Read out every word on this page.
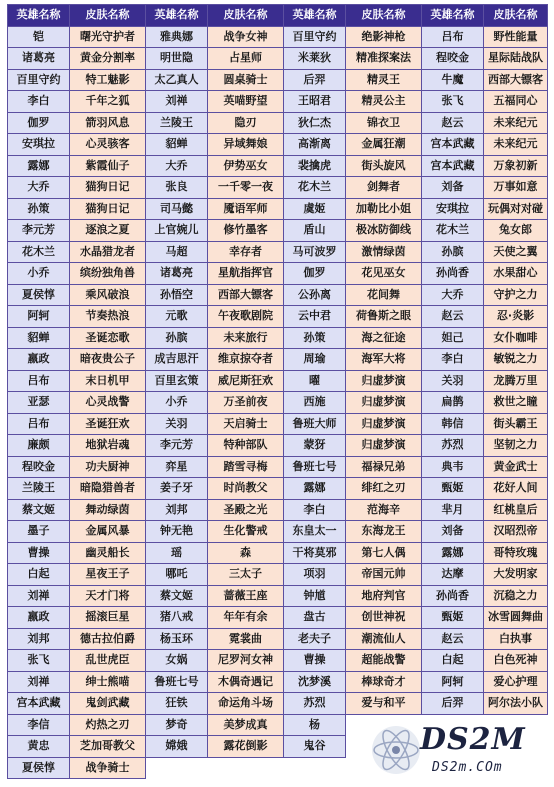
英雄名称	皮肤名称	英雄名称	皮肤名称	英雄名称	皮肤名称	英雄名称	皮肤名称
铠	曙光守护者	雅典娜	战争女神	百里守约	绝影神枪	吕布	野性能量
诸葛亮	黄金分割率	明世隐	占星师	米莱狄	精准探案法	程咬金	星际陆战队
百里守约	特工魅影	太乙真人	圆桌骑士	后羿	精灵王	牛魔	西部大镖客
李白	千年之狐	刘禅	英喵野望	王昭君	精灵公主	张飞	五福同心
伽罗	箭羽风息	兰陵王	隐刃	狄仁杰	锦衣卫	赵云	未来纪元
安琪拉	心灵骇客	貂蝉	异域舞娘	高渐离	金属狂潮	宫本武藏	未来纪元
露娜	紫霞仙子	大乔	伊势巫女	裴擒虎	街头旋风	宫本武藏	万象初新
大乔	猫狗日记	张良	一千零一夜	花木兰	剑舞者	刘备	万事如意
孙策	猫狗日记	司马懿	魇语军师	虞姬	加勒比小姐	安琪拉	玩偶对对碰
李元芳	逐浪之夏	上官婉儿	修竹墨客	盾山	极冰防御线	花木兰	兔女郎
花木兰	水晶猎龙者	马超	幸存者	马可波罗	激情绿茵	孙膑	天使之翼
小乔	缤纷独角兽	诸葛亮	星航指挥官	伽罗	花见巫女	孙尚香	水果甜心
夏侯惇	乘风破浪	孙悟空	西部大镖客	公孙离	花间舞	大乔	守护之力
阿轲	节奏热浪	元歌	午夜歌剧院	云中君	荷鲁斯之眼	赵云	忍·炎影
貂蝉	圣诞恋歌	孙膑	未来旅行	孙策	海之征途	妲己	女仆咖啡
嬴政	暗夜贵公子	成吉思汗	维京掠夺者	周瑜	海军大将	李白	敏锐之力
吕布	末日机甲	百里玄策	威尼斯狂欢	曜	归虚梦演	关羽	龙腾万里
亚瑟	心灵战警	小乔	万圣前夜	西施	归虚梦演	扁鹊	救世之瞳
吕布	圣诞狂欢	关羽	天启骑士	鲁班大师	归虚梦演	韩信	街头霸王
廉颇	地狱岩魂	李元芳	特种部队	蒙犽	归虚梦演	苏烈	坚韧之力
程咬金	功夫厨神	弈星	踏雪寻梅	鲁班七号	福禄兄弟	典韦	黄金武士
兰陵王	暗隐猎兽者	姜子牙	时尚教父	露娜	绯红之刃	甄姬	花好人间
蔡文姬	舞动绿茵	刘邦	圣殿之光	李白	范海辛	芈月	红桃皇后
墨子	金属风暴	钟无艳	生化警戒	东皇太一	东海龙王	刘备	汉昭烈帝
曹操	幽灵船长	瑶	森	干将莫邪	第七人偶	露娜	哥特玫瑰
白起	星夜王子	哪吒	三太子	项羽	帝国元帅	达摩	大发明家
刘禅	天才门将	蔡文姬	蔷薇王座	钟馗	地府判官	孙尚香	沉稳之力
嬴政	摇滚巨星	猪八戒	年年有余	盘古	创世神祝	甄姬	冰雪圆舞曲
刘邦	德古拉伯爵	杨玉环	霓裳曲	老夫子	潮流仙人	赵云	白执事
张飞	乱世虎臣	女娲	尼罗河女神	曹操	超能战警	白起	白色死神
刘禅	绅士熊喵	鲁班七号	木偶奇遇记	沈梦溪	棒球奇才	阿轲	爱心护理
宫本武藏	鬼剑武藏	狂铁	命运角斗场	苏烈	爱与和平	后羿	阿尔法小队
李信	灼热之刃	梦奇	美梦成真	杨			
黄忠	芝加哥教父	嫦娥	露花倒影	鬼谷			
夏侯惇	战争骑士						
DS2M
DS2m.COm
